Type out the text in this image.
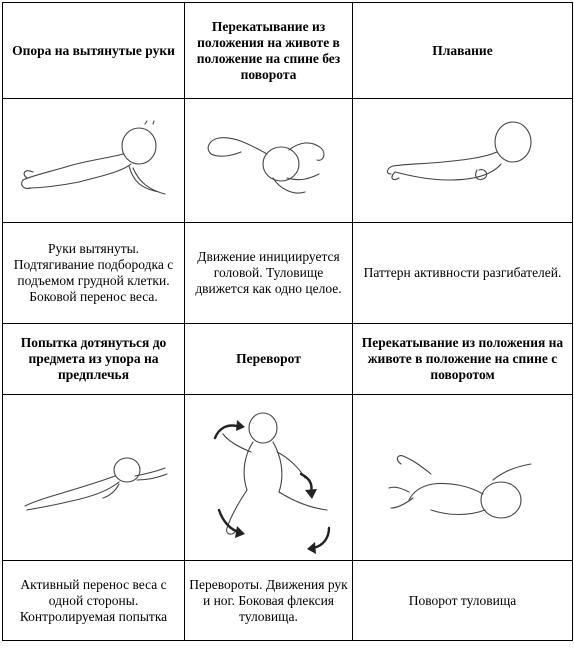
Опора на вытянутые руки	Перекатывание из положения на животе в положение на спине без поворота	Плавание

Руки вытянуты. Подтягивание подбородка с подъемом грудной клетки. Боковой перенос веса.	Движение инициируется головой. Туловище движется как одно целое.	Паттерн активности разгибателей.
Попытка дотянуться до предмета из упора на предплечья	Переворот	Перекатывание из положения на животе в положение на спине с поворотом

Активный перенос веса с одной стороны. Контролируемая попытка	Перевороты. Движения рук и ног. Боковая флексия туловища.	Поворот туловища
